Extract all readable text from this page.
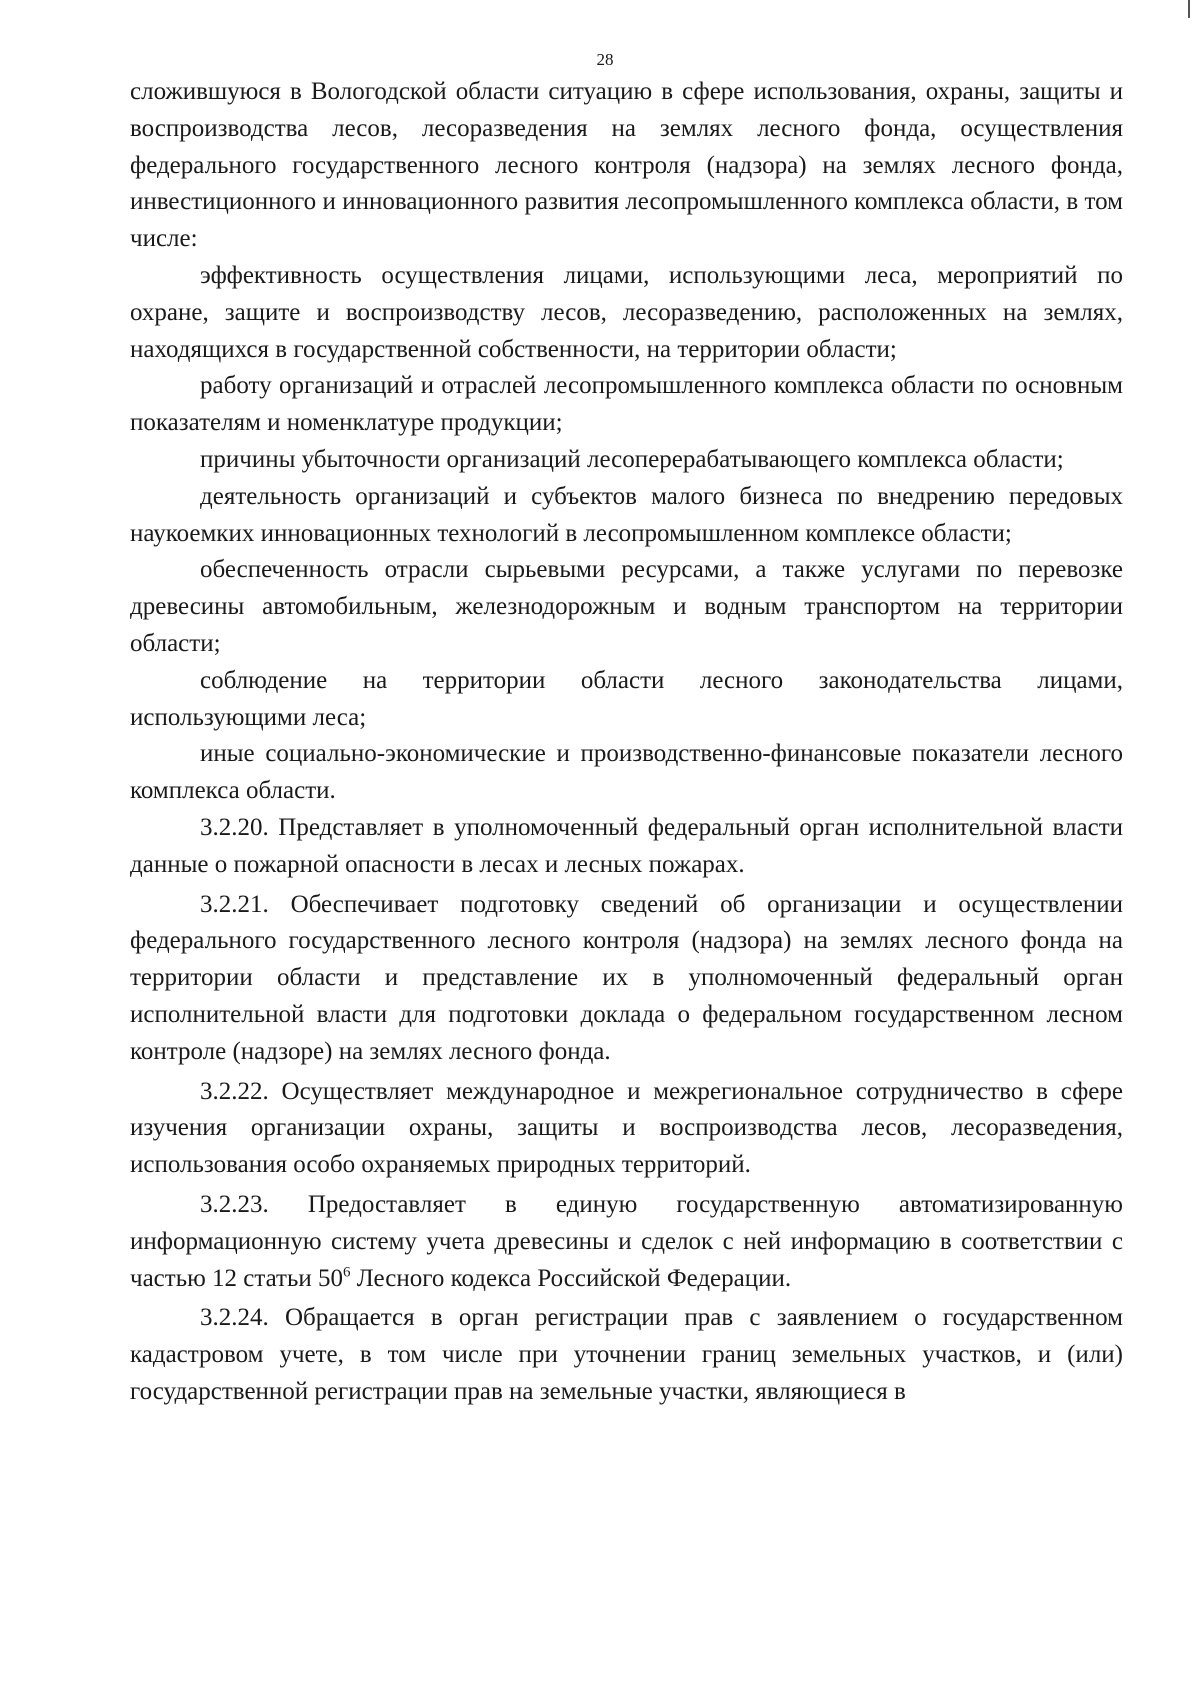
28

сложившуюся в Вологодской области ситуацию в сфере использования, охраны, защиты и воспроизводства лесов, лесоразведения на землях лесного фонда, осуществления федерального государственного лесного контроля (надзора) на землях лесного фонда, инвестиционного и инновационного развития лесопромышленного комплекса области, в том числе:

эффективность осуществления лицами, использующими леса, мероприятий по охране, защите и воспроизводству лесов, лесоразведению, расположенных на землях, находящихся в государственной собственности, на территории области;

работу организаций и отраслей лесопромышленного комплекса области по основным показателям и номенклатуре продукции;

причины убыточности организаций лесоперерабатывающего комплекса области;

деятельность организаций и субъектов малого бизнеса по внедрению передовых наукоемких инновационных технологий в лесопромышленном комплексе области;

обеспеченность отрасли сырьевыми ресурсами, а также услугами по перевозке древесины автомобильным, железнодорожным и водным транспортом на территории области;

соблюдение на территории области лесного законодательства лицами, использующими леса;

иные социально-экономические и производственно-финансовые показатели лесного комплекса области.

3.2.20. Представляет в уполномоченный федеральный орган исполнительной власти данные о пожарной опасности в лесах и лесных пожарах.

3.2.21. Обеспечивает подготовку сведений об организации и осуществлении федерального государственного лесного контроля (надзора) на землях лесного фонда на территории области и представление их в уполномоченный федеральный орган исполнительной власти для подготовки доклада о федеральном государственном лесном контроле (надзоре) на землях лесного фонда.

3.2.22. Осуществляет международное и межрегиональное сотрудничество в сфере изучения организации охраны, защиты и воспроизводства лесов, лесоразведения, использования особо охраняемых природных территорий.

3.2.23. Предоставляет в единую государственную автоматизированную информационную систему учета древесины и сделок с ней информацию в соответствии с частью 12 статьи $50^6$ Лесного кодекса Российской Федерации.

3.2.24. Обращается в орган регистрации прав с заявлением о государственном кадастровом учете, в том числе при уточнении границ земельных участков, и (или) государственной регистрации прав на земельные участки, являющиеся в
